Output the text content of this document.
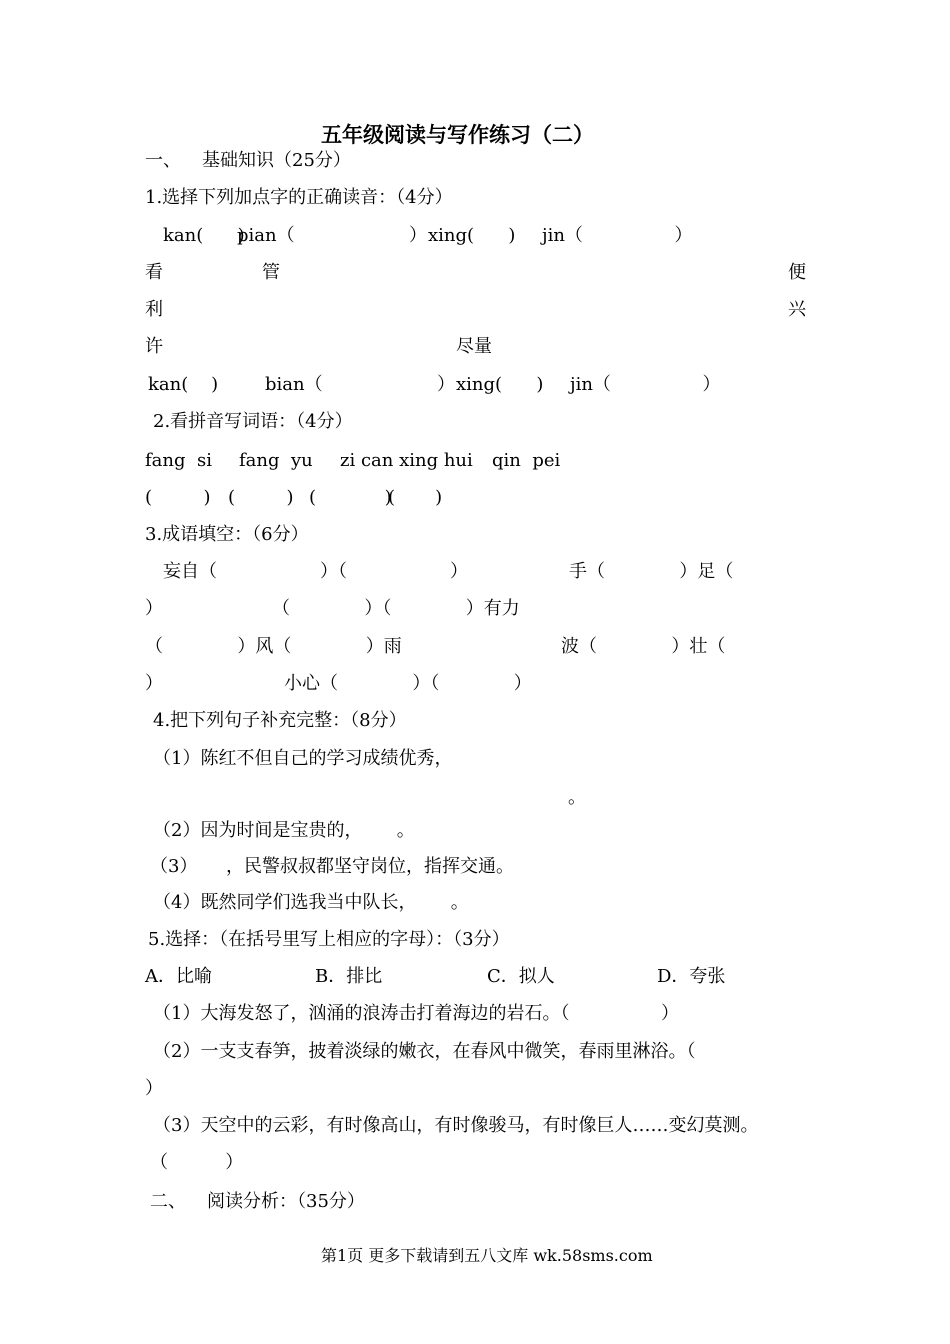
五年级阅读与写作练习（二）
一、 基础知识（25分）
1.选择下列加点字的正确读音：（4分）
kan(      )
pian（                    ） xing(      ) jin（                ）
看	管	便
利	兴
许	尽量
kan(    )	bian（                    ） xing(      ) jin（                ）
2.看拼音写词语：（4分）
fang  si fang  yu zi can xing hui qin  pei
(         ) (         ) (            )
(       )
3.成语填空：（6分）
妄自（                  ）（                  ）	手（             ）足（
）	（             ）（             ）有力
（             ）风（             ）雨	波（             ）壮（
）	小心（             ）（             ）
4.把下列句子补充完整：（8分）
（1）陈红不但自己的学习成绩优秀，
。
（2）因为时间是宝贵的，      。
（3）     ，民警叔叔都坚守岗位，指挥交通。
（4）既然同学们选我当中队长，      。
5.选择：（在括号里写上相应的字母）：（3分）
A．比喻	B．排比	C．拟人	D．夸张
（1）大海发怒了，汹涌的浪涛击打着海边的岩石。（                ）
（2）一支支春笋，披着淡绿的嫩衣，在春风中微笑，春雨里淋浴。（
）
（3）天空中的云彩，有时像高山，有时像骏马，有时像巨人……变幻莫测。
（          ）
二、 阅读分析：（35分）
第1页 更多下载请到五八文库 wk.58sms.com
